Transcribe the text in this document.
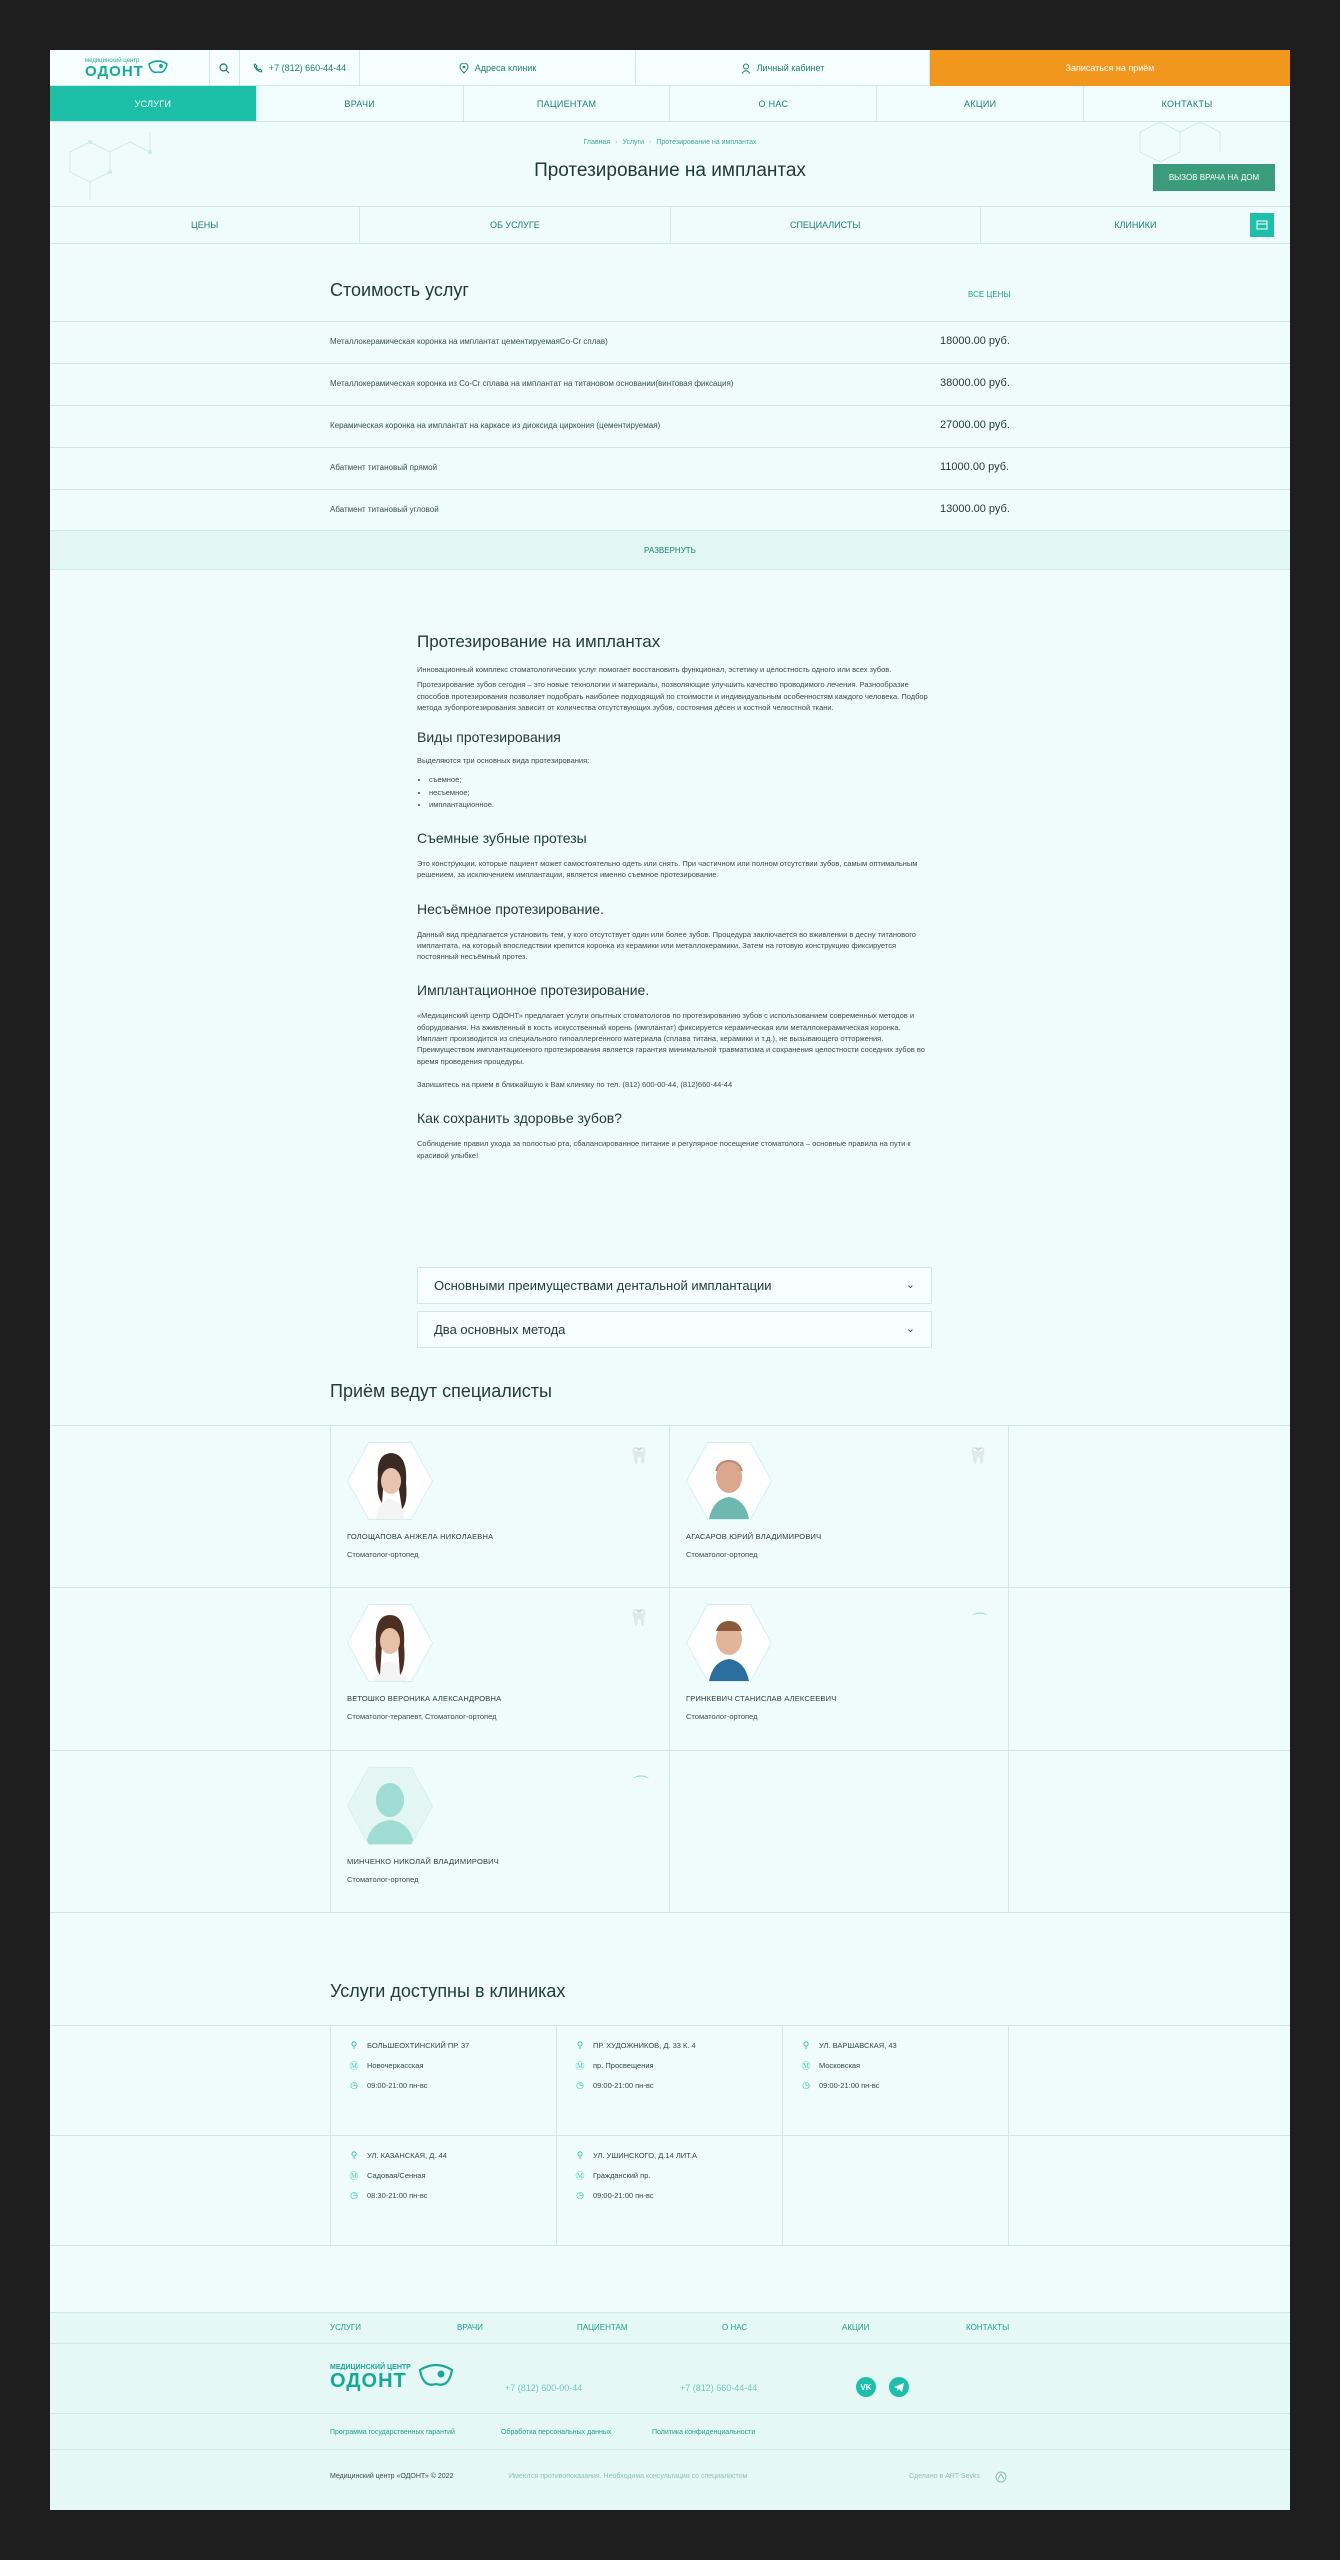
медицинский центр
ОДОНТ	+7 (812) 660-44-44	Адреса клиник	Личный кабинет	Записаться на приём
УСЛУГИ	ВРАЧИ	ПАЦИЕНТАМ	О НАС	АКЦИИ	КОНТАКТЫ
Главная › Услуги › Протезирование на имплантах
Протезирование на имплантах	ВЫЗОВ ВРАЧА НА ДОМ
ЦЕНЫ	ОБ УСЛУГЕ	СПЕЦИАЛИСТЫ	КЛИНИКИ
Стоимость услуг	ВСЕ ЦЕНЫ
Металлокерамическая коронка на имплантат цементируемаяСо-Cr сплав)	18000.00 руб.
Металлокерамическая коронка из Co-Cr сплава на имплантат на титановом основании(винтовая фиксация)	38000.00 руб.
Керамическая коронка на имплантат на каркасе из диоксида циркония (цементируемая)	27000.00 руб.
Абатмент титановый прямой	11000.00 руб.
Абатмент титановый угловой	13000.00 руб.
РАЗВЕРНУТЬ
Протезирование на имплантах

Инновационный комплекс стоматологических услуг помогает восстановить функционал, эстетику и целостность одного или всех зубов.

Протезирование зубов сегодня – это новые технологии и материалы, позволяющие улучшить качество проводимого лечения. Разнообразие способов протезирования позволяет подобрать наиболее подходящий по стоимости и индивидуальным особенностям каждого человека. Подбор метода зубопротезирования зависит от количества отсутствующих зубов, состояния дёсен и костной челюстной ткани.

Виды протезирования

Выделяются три основных вида протезирования:

• съемное;
• несъемное;
• имплантационное.
Съемные зубные протезы

Это конструкции, которые пациент может самостоятельно одеть или снять. При частичном или полном отсутствии зубов, самым оптимальным решением, за исключением имплантации, является именно съемное протезирование.

Несъёмное протезирование.

Данный вид предлагается установить тем, у кого отсутствует один или более зубов. Процедура заключается во вживлении в десну титанового имплантата, на который впоследствии крепится коронка из керамики или металлокерамики. Затем на готовую конструкцию фиксируется постоянный несъёмный протез.

Имплантационное протезирование.

«Медицинский центр ОДОНТ» предлагает услуги опытных стоматологов по протезированию зубов с использованием современных методов и оборудования. На вживленный в кость искусственный корень (имплантат) фиксируется керамическая или металлокерамическая коронка. Имплант производится из специального гипоаллергенного материала (сплава титана, керамики и т.д.), не вызывающего отторжения. Преимуществом имплантационного протезирования является гарантия минимальной травматизма и сохранения целостности соседних зубов во время проведения процедуры.

Запишитесь на прием в ближайшую к Вам клинику по тел. (812) 600-00-44, (812)660-44-44

Как сохранить здоровье зубов?

Соблюдение правил ухода за полостью рта, сбалансированное питание и регулярное посещение стоматолога – основные правила на пути к красивой улыбке!

Основными преимуществами дентальной имплантации	⌄
Два основных метода	⌄
Приём ведут специалисты
🦷
ГОЛОЩАПОВА АНЖЕЛА НИКОЛАЕВНА
Стоматолог-ортопед
🦷
АГАСАРОВ ЮРИЙ ВЛАДИМИРОВИЧ
Стоматолог-ортопед
🦷
ВЕТОШКО ВЕРОНИКА АЛЕКСАНДРОВНА
Стоматолог-терапевт, Стоматолог-ортопед
⌒
ГРИНКЕВИЧ СТАНИСЛАВ АЛЕКСЕЕВИЧ
Стоматолог-ортопед
⌒
МИНЧЕНКО НИКОЛАЙ ВЛАДИМИРОВИЧ
Стоматолог-ортопед
Услуги доступны в клиниках
⚲ БОЛЬШЕОХТИНСКИЙ ПР. 37
Ⓜ Новочеркасская
◷ 09:00-21:00 пн-вс
⚲ ПР. ХУДОЖНИКОВ, Д. 33 К. 4
Ⓜ пр. Просвещения
◷ 09:00-21:00 пн-вс
⚲ УЛ. ВАРШАВСКАЯ, 43
Ⓜ Московская
◷ 09:00-21:00 пн-вс
⚲ УЛ. КАЗАНСКАЯ, Д. 44
Ⓜ Садовая/Сенная
◷ 08:30-21:00 пн-вс
⚲ УЛ. УШИНСКОГО, Д.14 ЛИТ.А
Ⓜ Гражданский пр.
◷ 09:00-21:00 пн-вс
УСЛУГИ	ВРАЧИ	ПАЦИЕНТАМ	О НАС	АКЦИИ	КОНТАКТЫ
МЕДИЦИНСКИЙ ЦЕНТР
ОДОНТ	+7 (812) 600-00-44	+7 (812) 660-44-44	VK
Программа государственных гарантий	Обработка персональных данных	Политика конфиденциальности
Медицинский центр «ОДОНТ» © 2022	Имеются противопоказания. Необходима консультация со специалистом	Сделано в ART-Sevks
